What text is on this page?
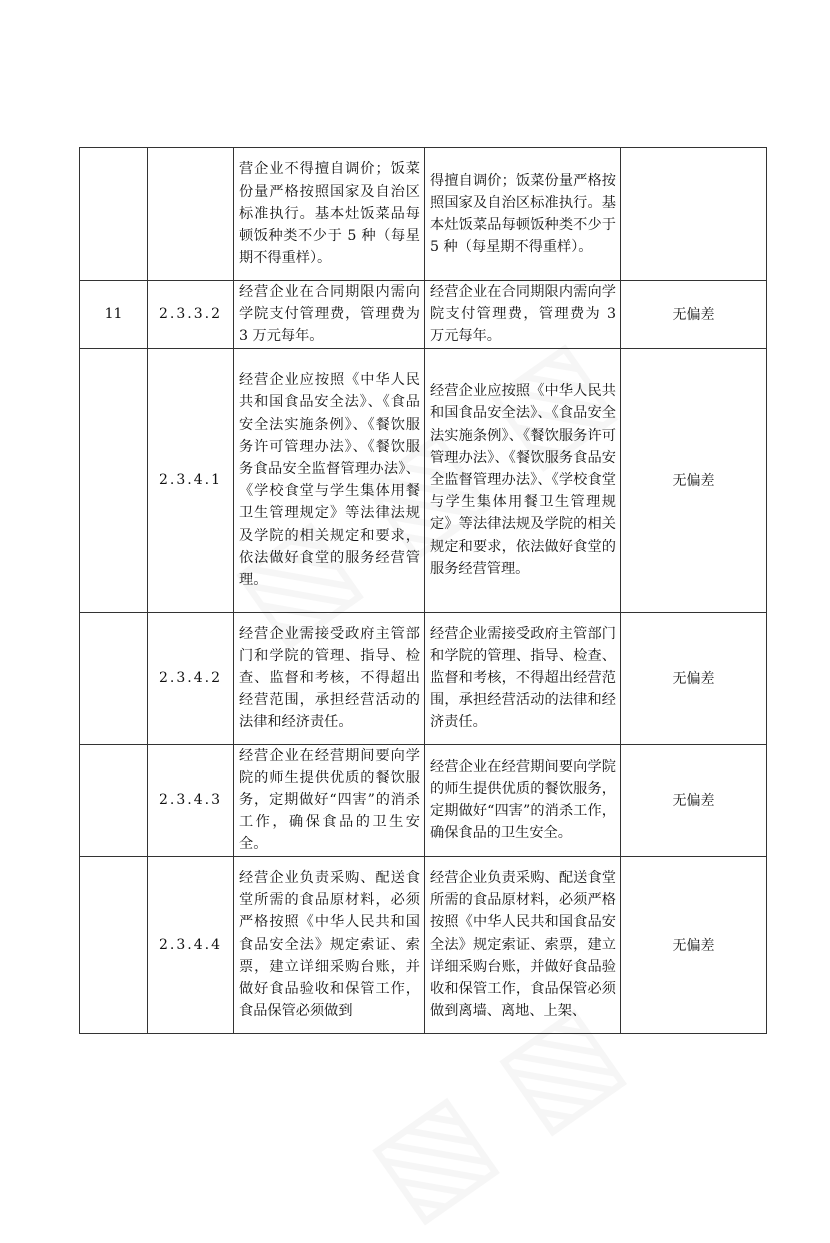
		营企业不得擅自调价；饭菜份量严格按照国家及自治区标准执行。基本灶饭菜品每顿饭种类不少于 5 种（每星期不得重样）。	得擅自调价；饭菜份量严格按照国家及自治区标准执行。基本灶饭菜品每顿饭种类不少于 5 种（每星期不得重样）。	

11	2.3.3.2	经营企业在合同期限内需向学院支付管理费，管理费为 3 万元每年。	经营企业在合同期限内需向学院支付管理费，管理费为 3 万元每年。	无偏差
	2.3.4.1	经营企业应按照《中华人民共和国食品安全法》、《食品安全法实施条例》、《餐饮服务许可管理办法》、《餐饮服务食品安全监督管理办法》、《学校食堂与学生集体用餐卫生管理规定》等法律法规及学院的相关规定和要求，依法做好食堂的服务经营管理。	经营企业应按照《中华人民共和国食品安全法》、《食品安全法实施条例》、《餐饮服务许可管理办法》、《餐饮服务食品安全监督管理办法》、《学校食堂与学生集体用餐卫生管理规定》等法律法规及学院的相关规定和要求，依法做好食堂的服务经营管理。	无偏差
	2.3.4.2	经营企业需接受政府主管部门和学院的管理、指导、检查、监督和考核，不得超出经营范围，承担经营活动的法律和经济责任。	经营企业需接受政府主管部门和学院的管理、指导、检查、监督和考核，不得超出经营范围，承担经营活动的法律和经济责任。	无偏差
	2.3.4.3	经营企业在经营期间要向学院的师生提供优质的餐饮服务，定期做好“四害”的消杀工作，确保食品的卫生安全。	经营企业在经营期间要向学院的师生提供优质的餐饮服务，定期做好“四害”的消杀工作，确保食品的卫生安全。	无偏差
	2.3.4.4	经营企业负责采购、配送食堂所需的食品原材料，必须严格按照《中华人民共和国食品安全法》规定索证、索票，建立详细采购台账，并做好食品验收和保管工作，食品保管必须做到	经营企业负责采购、配送食堂所需的食品原材料，必须严格按照《中华人民共和国食品安全法》规定索证、索票，建立详细采购台账，并做好食品验收和保管工作，食品保管必须做到离墙、离地、上架、	无偏差
